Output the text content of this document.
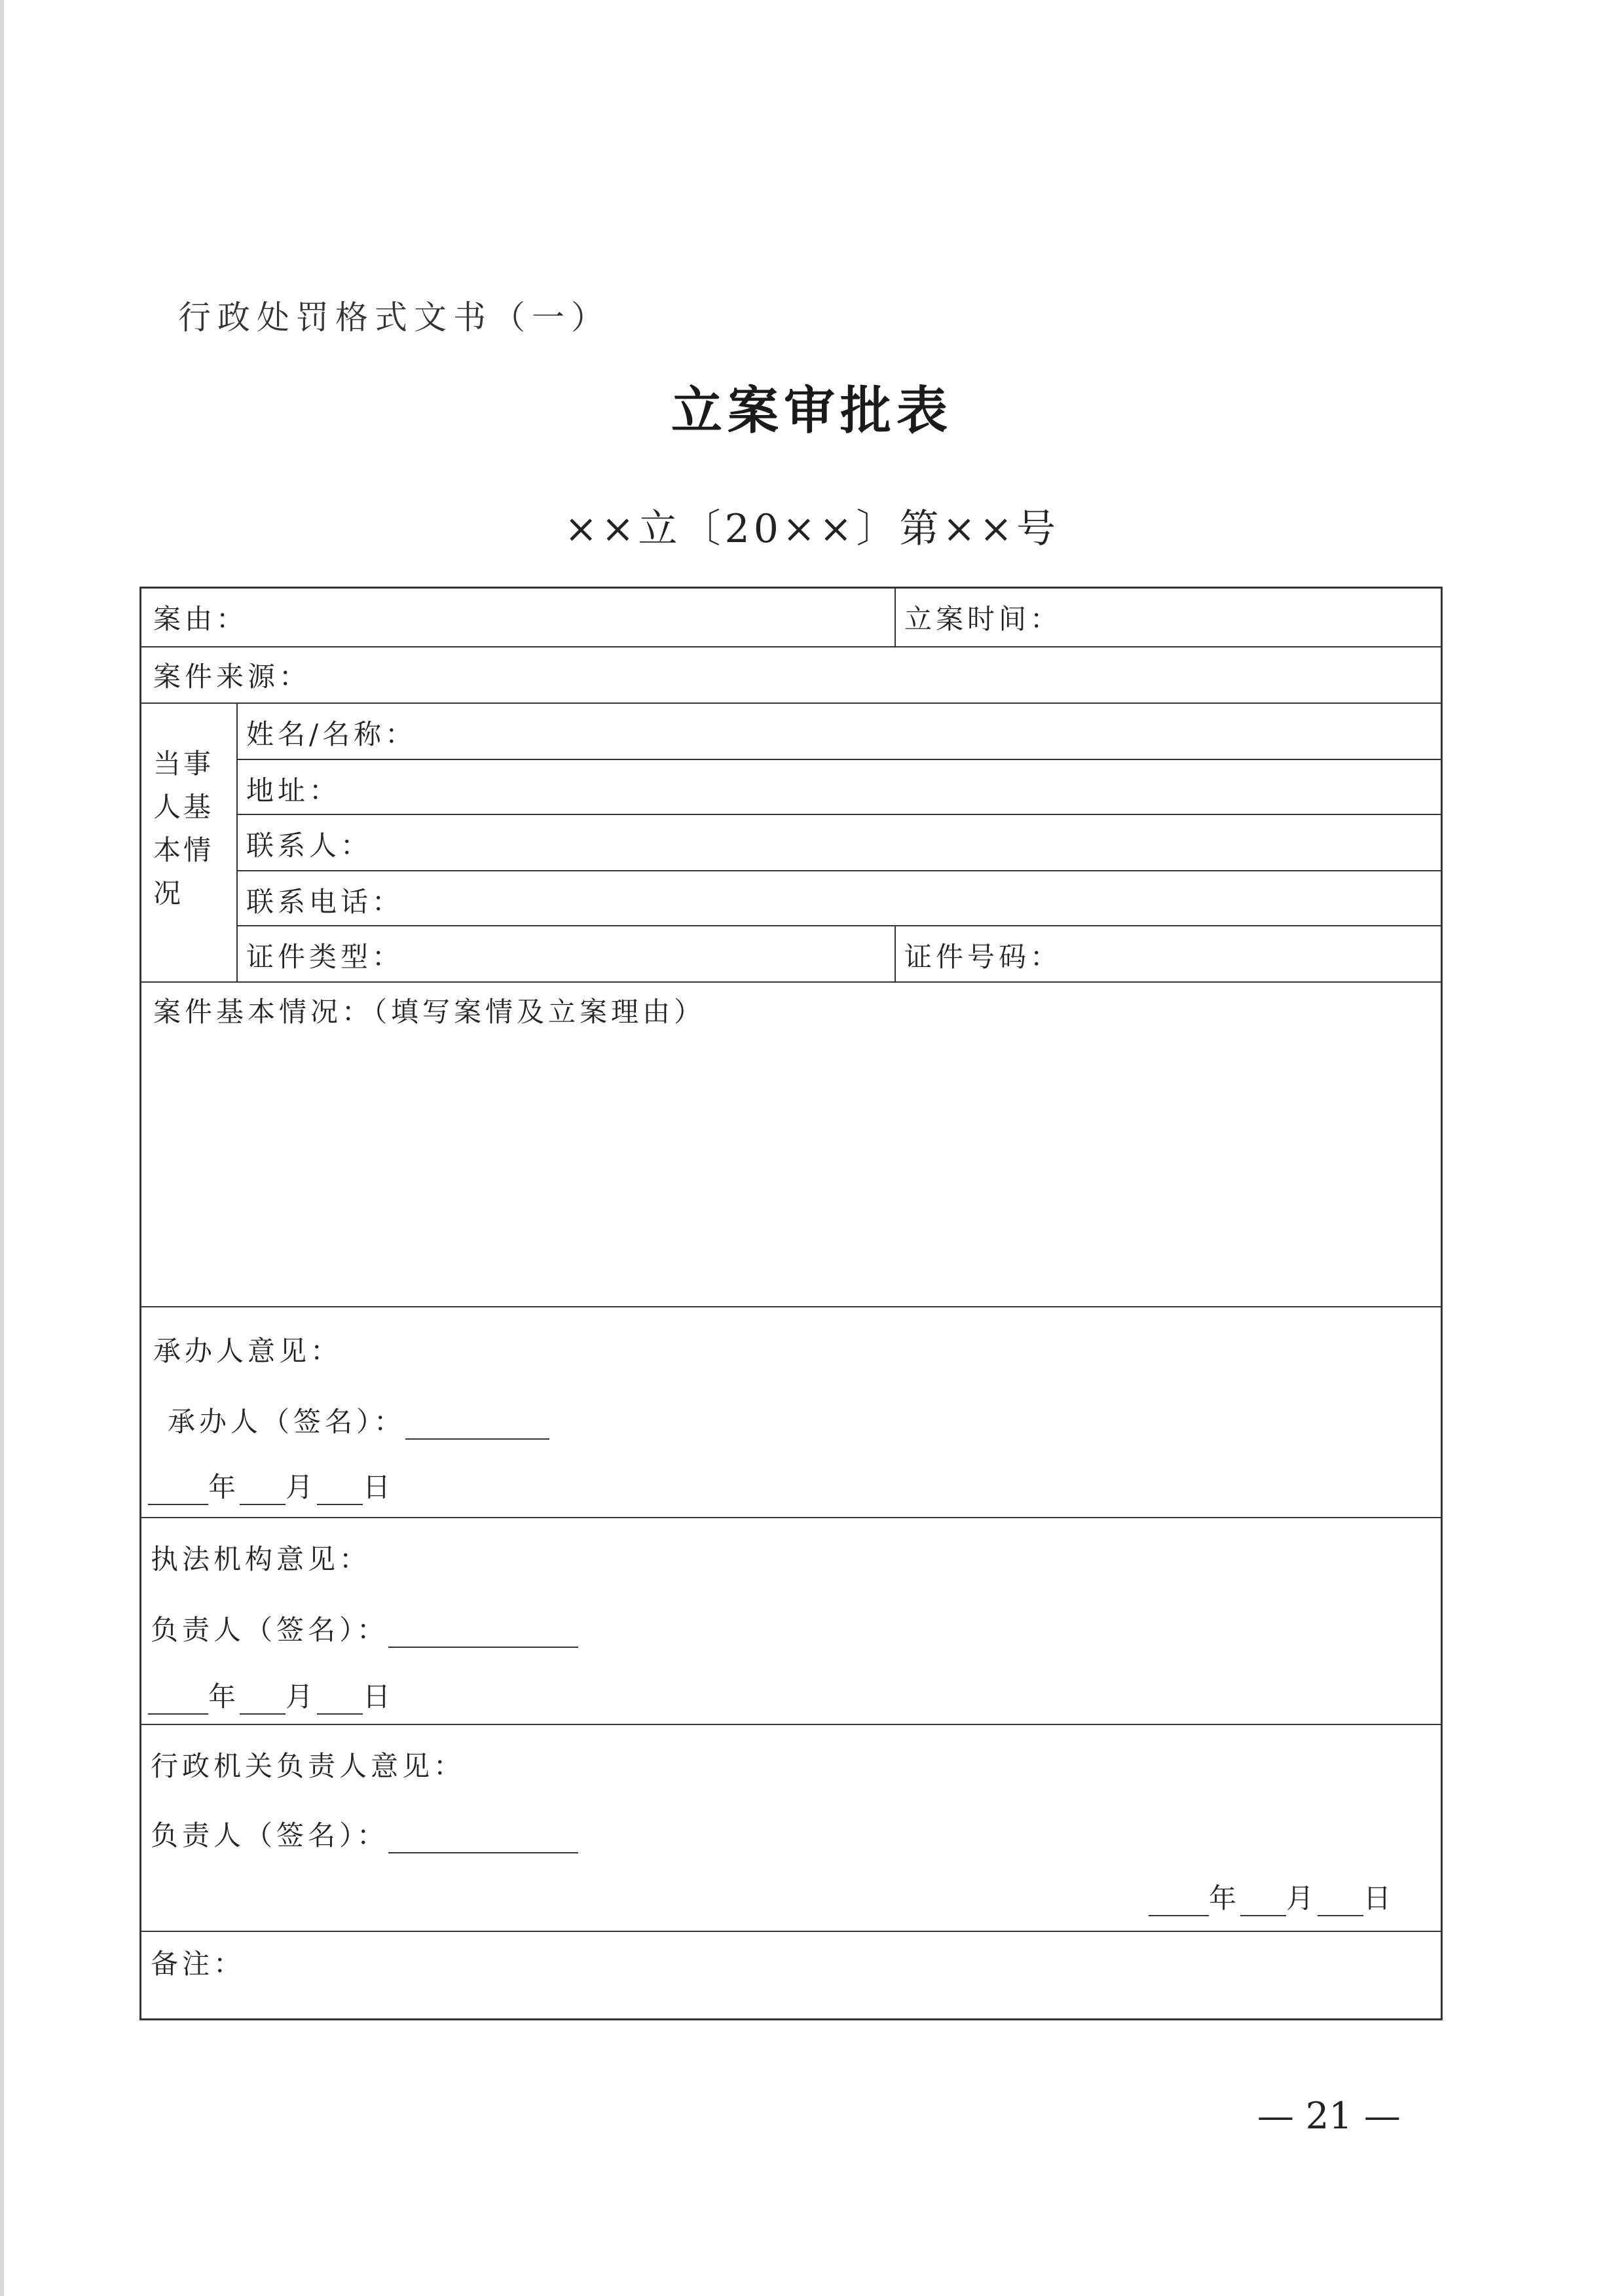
行政处罚格式文书（一）
立案审批表
××立〔20××〕第××号
案由：	立案时间：
案件来源：
当事人基本情况
姓名/名称：
地址：
联系人：
联系电话：
证件类型：	证件号码：
案件基本情况：（填写案情及立案理由）
承办人意见：
承办人（签名）：
年 月 日
执法机构意见：
负责人（签名）：
年 月 日
行政机关负责人意见：
负责人（签名）：
年 月 日
备注：
— 21 —
